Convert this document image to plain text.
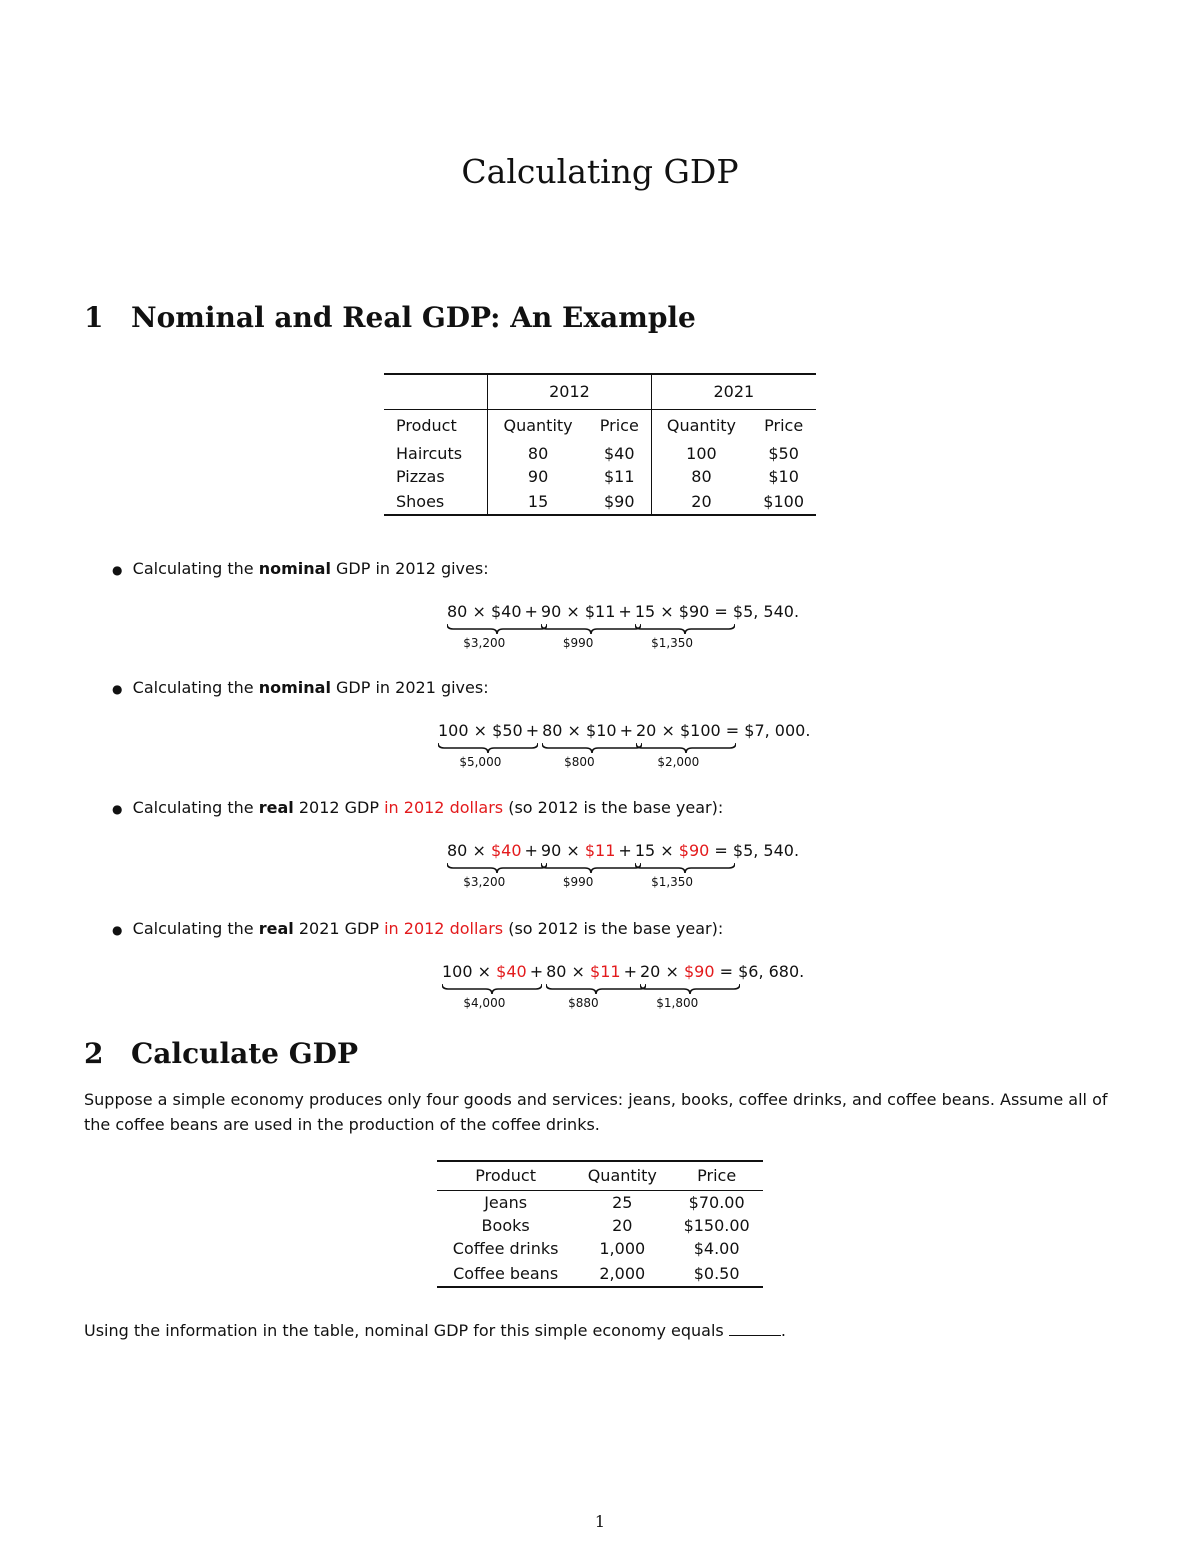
Calculating GDP
1 Nominal and Real GDP: An Example
	2012		2021	
Product	Quantity	Price	Quantity	Price
Haircuts	80	$40	100	$50
Pizzas	90	$11	80	$10
Shoes	15	$90	20	$100
● Calculating the nominal GDP in 2012 gives:
80 × $40
$3,200
+ 90 × $11
$990
+ 15 × $90
$1,350
= $5, 540.
● Calculating the nominal GDP in 2021 gives:
100 × $50
$5,000
+ 80 × $10
$800
+ 20 × $100
$2,000
= $7, 000.
● Calculating the real 2012 GDP in 2012 dollars (so 2012 is the base year):
80 × $40
$3,200
+ 90 × $11
$990
+ 15 × $90
$1,350
= $5, 540.
● Calculating the real 2021 GDP in 2012 dollars (so 2012 is the base year):
100 × $40
$4,000
+ 80 × $11
$880
+ 20 × $90
$1,800
= $6, 680.
2 Calculate GDP
Suppose a simple economy produces only four goods and services: jeans, books, coffee drinks, and coffee beans. Assume all of the coffee beans are used in the production of the coffee drinks.
Product	Quantity	Price
Jeans	25	$70.00
Books	20	$150.00
Coffee drinks	1,000	$4.00
Coffee beans	2,000	$0.50
Using the information in the table, nominal GDP for this simple economy equals	.
1
